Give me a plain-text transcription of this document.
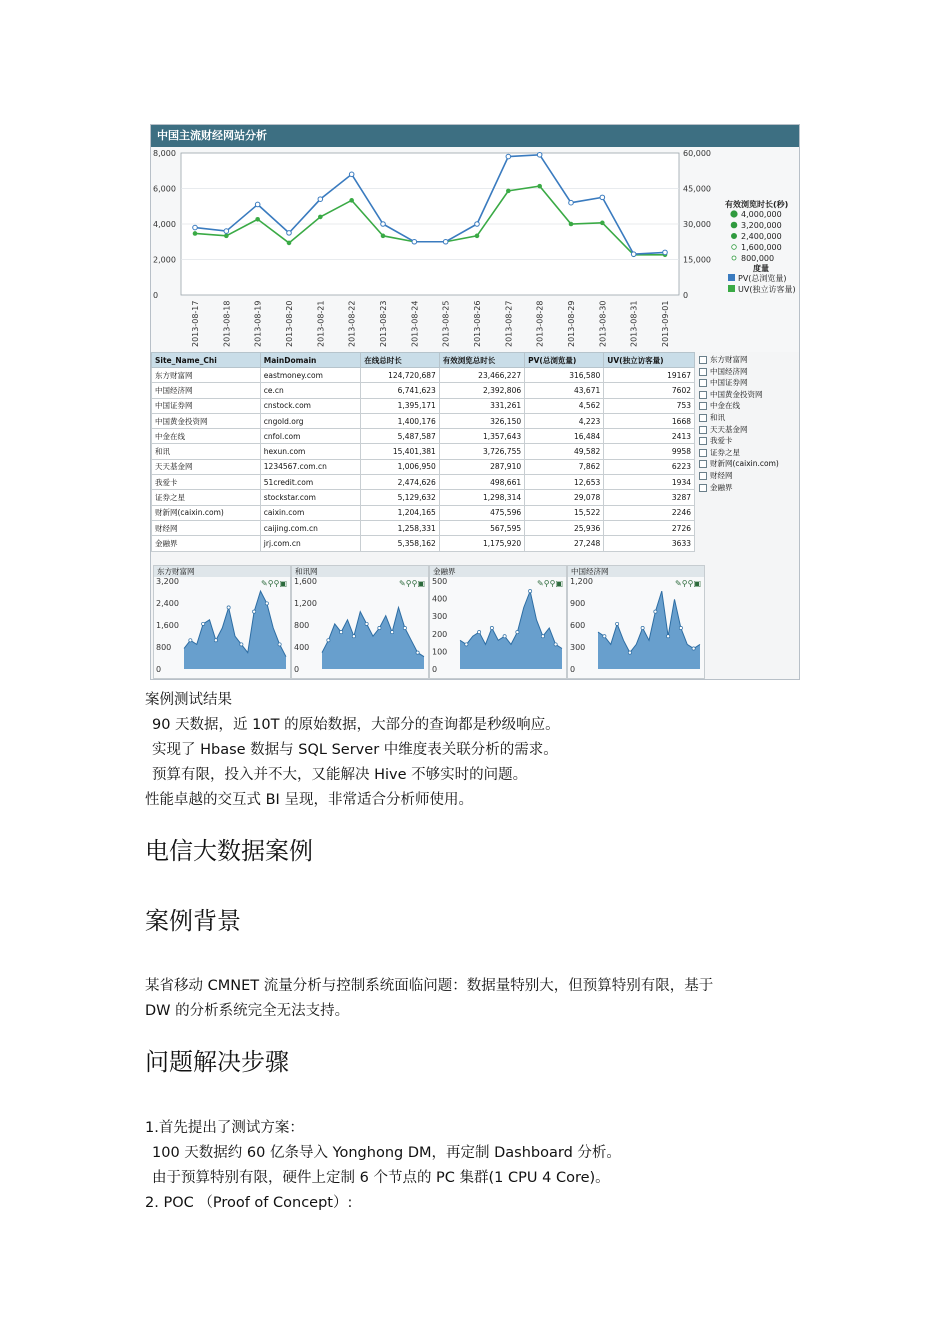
中国主流财经网站分析
8,000
6,000
4,000
2,000
0
60,000
45,000
30,000
15,000
0
2013-08-17	2013-08-18	2013-08-19	2013-08-20	2013-08-21	2013-08-22	2013-08-23	2013-08-24	2013-08-25	2013-08-26	2013-08-27	2013-08-28	2013-08-29	2013-08-30	2013-08-31	2013-09-01
有效浏览时长(秒)
4,000,000
3,200,000
2,400,000
1,600,000
800,000
度量
PV(总浏览量)
UV(独立访客量)
Site_Name_Chi	MainDomain	在线总时长	有效浏览总时长	PV(总浏览量)	UV(独立访客量)
东方财富网	eastmoney.com	124,720,687	23,466,227	316,580	19167
中国经济网	ce.cn	6,741,623	2,392,806	43,671	7602
中国证券网	cnstock.com	1,395,171	331,261	4,562	753
中国黄金投资网	cngold.org	1,400,176	326,150	4,223	1668
中金在线	cnfol.com	5,487,587	1,357,643	16,484	2413
和讯	hexun.com	15,401,381	3,726,755	49,582	9958
天天基金网	1234567.com.cn	1,006,950	287,910	7,862	6223
我爱卡	51credit.com	2,474,626	498,661	12,653	1934
证券之星	stockstar.com	5,129,632	1,298,314	29,078	3287
财新网(caixin.com)	caixin.com	1,204,165	475,596	15,522	2246
财经网	caijing.com.cn	1,258,331	567,595	25,936	2726
金融界	jrj.com.cn	5,358,162	1,175,920	27,248	3633
东方财富网
中国经济网
中国证券网
中国黄金投资网
中金在线
和讯
天天基金网
我爱卡
证券之星
财新网(caixin.com)
财经网
金融界
东方财富网
✎⚲⚲▣
3,200
2,400
1,600
800
0
和讯网
✎⚲⚲▣
1,600
1,200
800
400
0
金融界
✎⚲⚲▣
500
400
300
200
100
0
中国经济网
✎⚲⚲▣
1,200
900
600
300
0
案例测试结果
90 天数据，近 10T 的原始数据，大部分的查询都是秒级响应。
实现了 Hbase 数据与 SQL Server 中维度表关联分析的需求。
预算有限，投入并不大，又能解决 Hive 不够实时的问题。
性能卓越的交互式 BI 呈现，非常适合分析师使用。
电信大数据案例
案例背景
某省移动 CMNET 流量分析与控制系统面临问题：数据量特别大，但预算特别有限，基于
DW 的分析系统完全无法支持。
问题解决步骤
1.首先提出了测试方案：
100 天数据约 60 亿条导入 Yonghong DM，再定制 Dashboard 分析。
由于预算特别有限，硬件上定制 6 个节点的 PC 集群(1 CPU 4 Core)。
2. POC （Proof of Concept）:
